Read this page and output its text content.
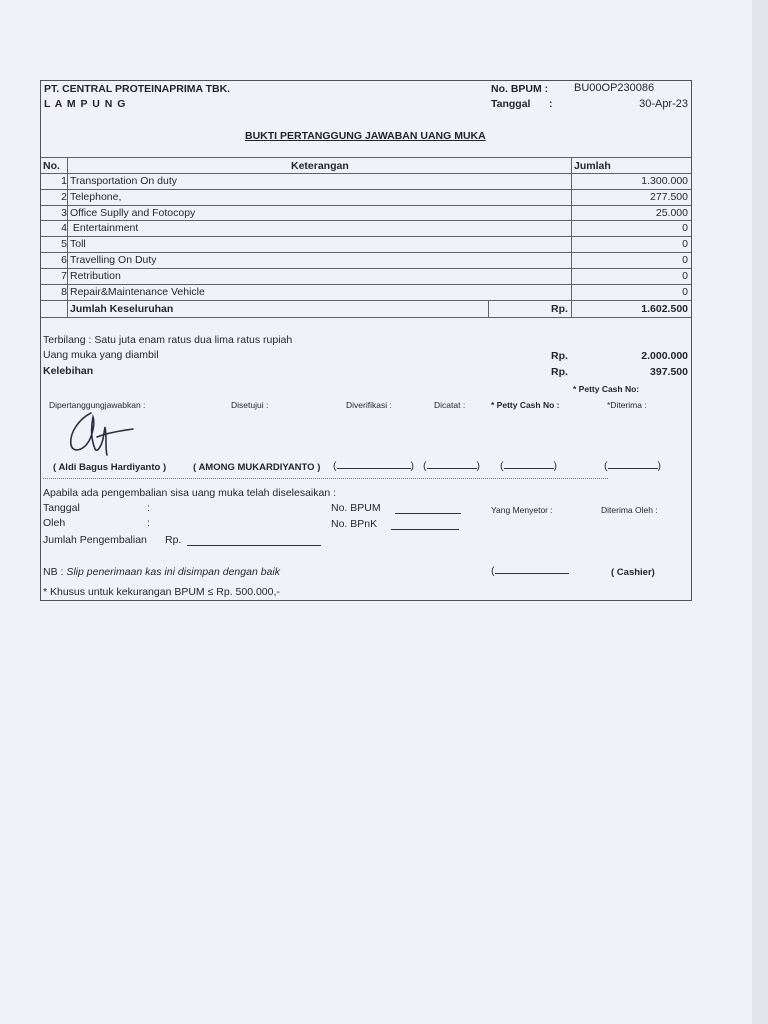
PT. CENTRAL PROTEINAPRIMA TBK.
L A M P U N G
No. BPUM : BU00OP230086
Tanggal :	30-Apr-23
BUKTI PERTANGGUNG JAWABAN UANG MUKA
No.	Keterangan	Jumlah
1 Transportation On duty	1.300.000
2 Telephone,	277.500
3 Office Suplly and Fotocopy	25.000
4 Entertainment	0
5 Toll	0
6 Travelling On Duty	0
7 Retribution	0
8 Repair&Maintenance Vehicle	0
Jumlah Keseluruhan	Rp.	1.602.500
Terbilang : Satu juta enam ratus dua lima ratus rupiah
Uang muka yang diambil	Rp.	2.000.000
Kelebihan	Rp.	397.500
* Petty Cash No:
Dipertanggungjawabkan :	Disetujui :	Diverifikasi :	Dicatat :	* Petty Cash No :	*Diterima :
( Aldi Bagus Hardiyanto )	( AMONG MUKARDIYANTO ) (	) (	) (	)	(	)
Apabila ada pengembalian sisa uang muka telah diselesaikan :
Tanggal	:
Oleh	:
No. BPUM
No. BPnK
Yang Menyetor :	Diterima Oleh :
Jumlah Pengembalian Rp.
NB : Slip penerimaan kas ini disimpan dengan baik	(	( Cashier)
* Khusus untuk kekurangan BPUM ≤ Rp. 500.000,-
